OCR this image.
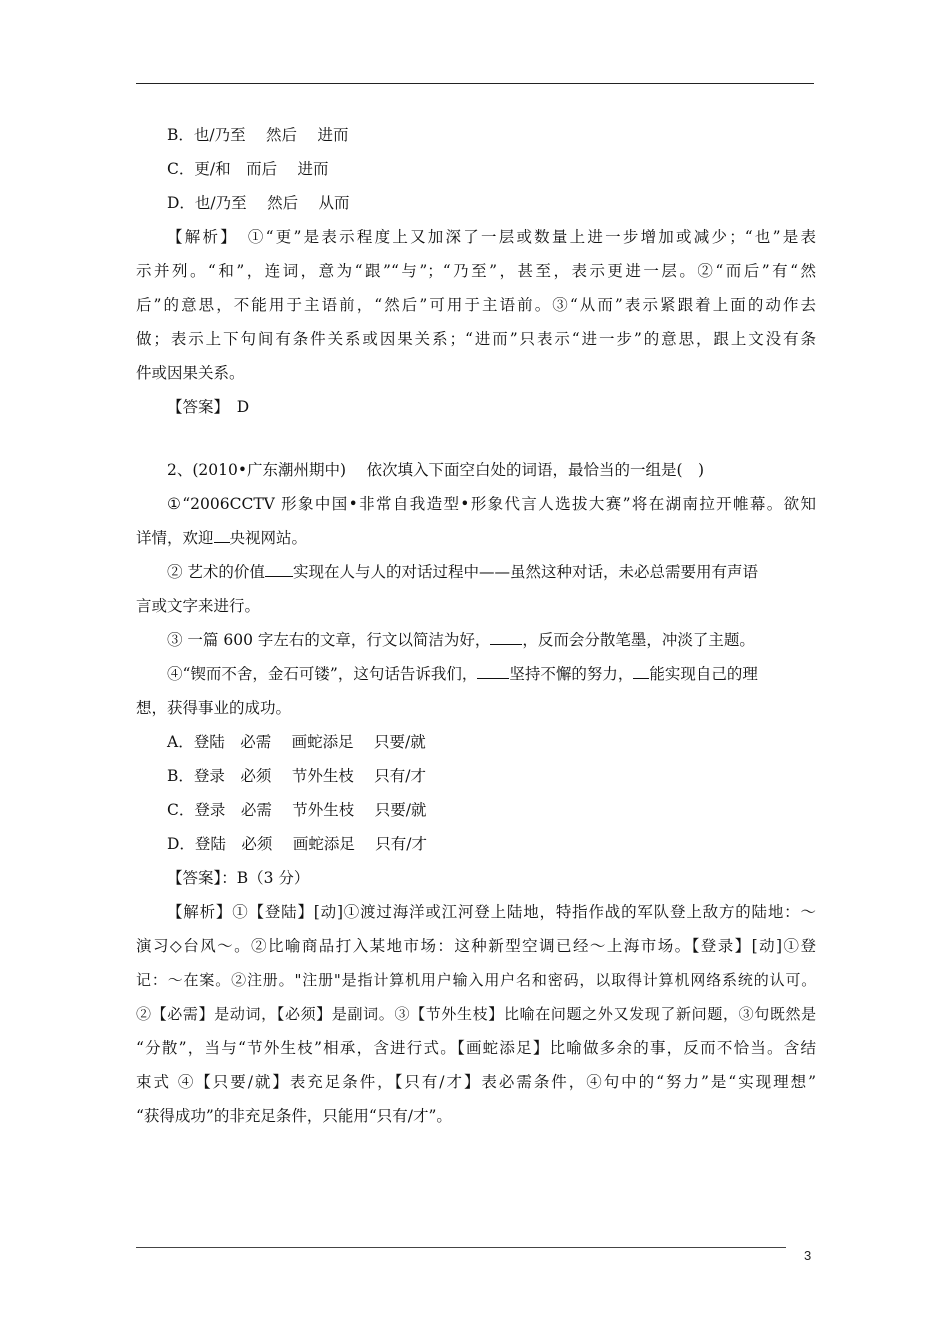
B．也/乃至　 然后　 进而

C．更/和　而后　 进而

D．也/乃至　 然后　 从而

【解析】　①“更”是表示程度上又加深了一层或数量上进一步增加或减少；“也”是表

示并列。“和”，连词，意为“跟”“与”；“乃至”，甚至，表示更进一层。②“而后”有“然

后”的意思，不能用于主语前，“然后”可用于主语前。③“从而”表示紧跟着上面的动作去

做；表示上下句间有条件关系或因果关系；“进而”只表示“进一步”的意思，跟上文没有条

件或因果关系。

【答案】　D

2、(2010•广东潮州期中)　 依次填入下面空白处的词语，最恰当的一组是(　)

①“2006CCTV 形象中国•非常自我造型•形象代言人选拔大赛”将在湖南拉开帷幕。欲知

详情，欢迎 央视网站。

② 艺术的价值 实现在人与人的对话过程中——虽然这种对话，未必总需要用有声语

言或文字来进行。

③ 一篇 600 字左右的文章，行文以简洁为好， ，反而会分散笔墨，冲淡了主题。

④“锲而不舍，金石可镂”，这句话告诉我们， 坚持不懈的努力， 能实现自己的理

想，获得事业的成功。

A．登陆　必需　 画蛇添足　 只要/就

B．登录　必须　 节外生枝　 只有/才

C．登录　必需　 节外生枝　 只要/就

D．登陆　必须　 画蛇添足　 只有/才

【答案】：B（3 分）

【解析】①【登陆】[动]①渡过海洋或江河登上陆地，特指作战的军队登上敌方的陆地：～

演习◇台风～。②比喻商品打入某地市场：这种新型空调已经～上海市场。【登录】[动]①登

记：～在案。②注册。"注册"是指计算机用户输入用户名和密码，以取得计算机网络系统的认可。

②【必需】是动词，【必须】是副词。③【节外生枝】比喻在问题之外又发现了新问题，③句既然是

“分散”，当与“节外生枝”相承，含进行式。【画蛇添足】比喻做多余的事，反而不恰当。含结

束式 ④【只要/就】表充足条件，【只有/才】表必需条件，④句中的“努力”是“实现理想”

“获得成功”的非充足条件，只能用“只有/才”。

3
